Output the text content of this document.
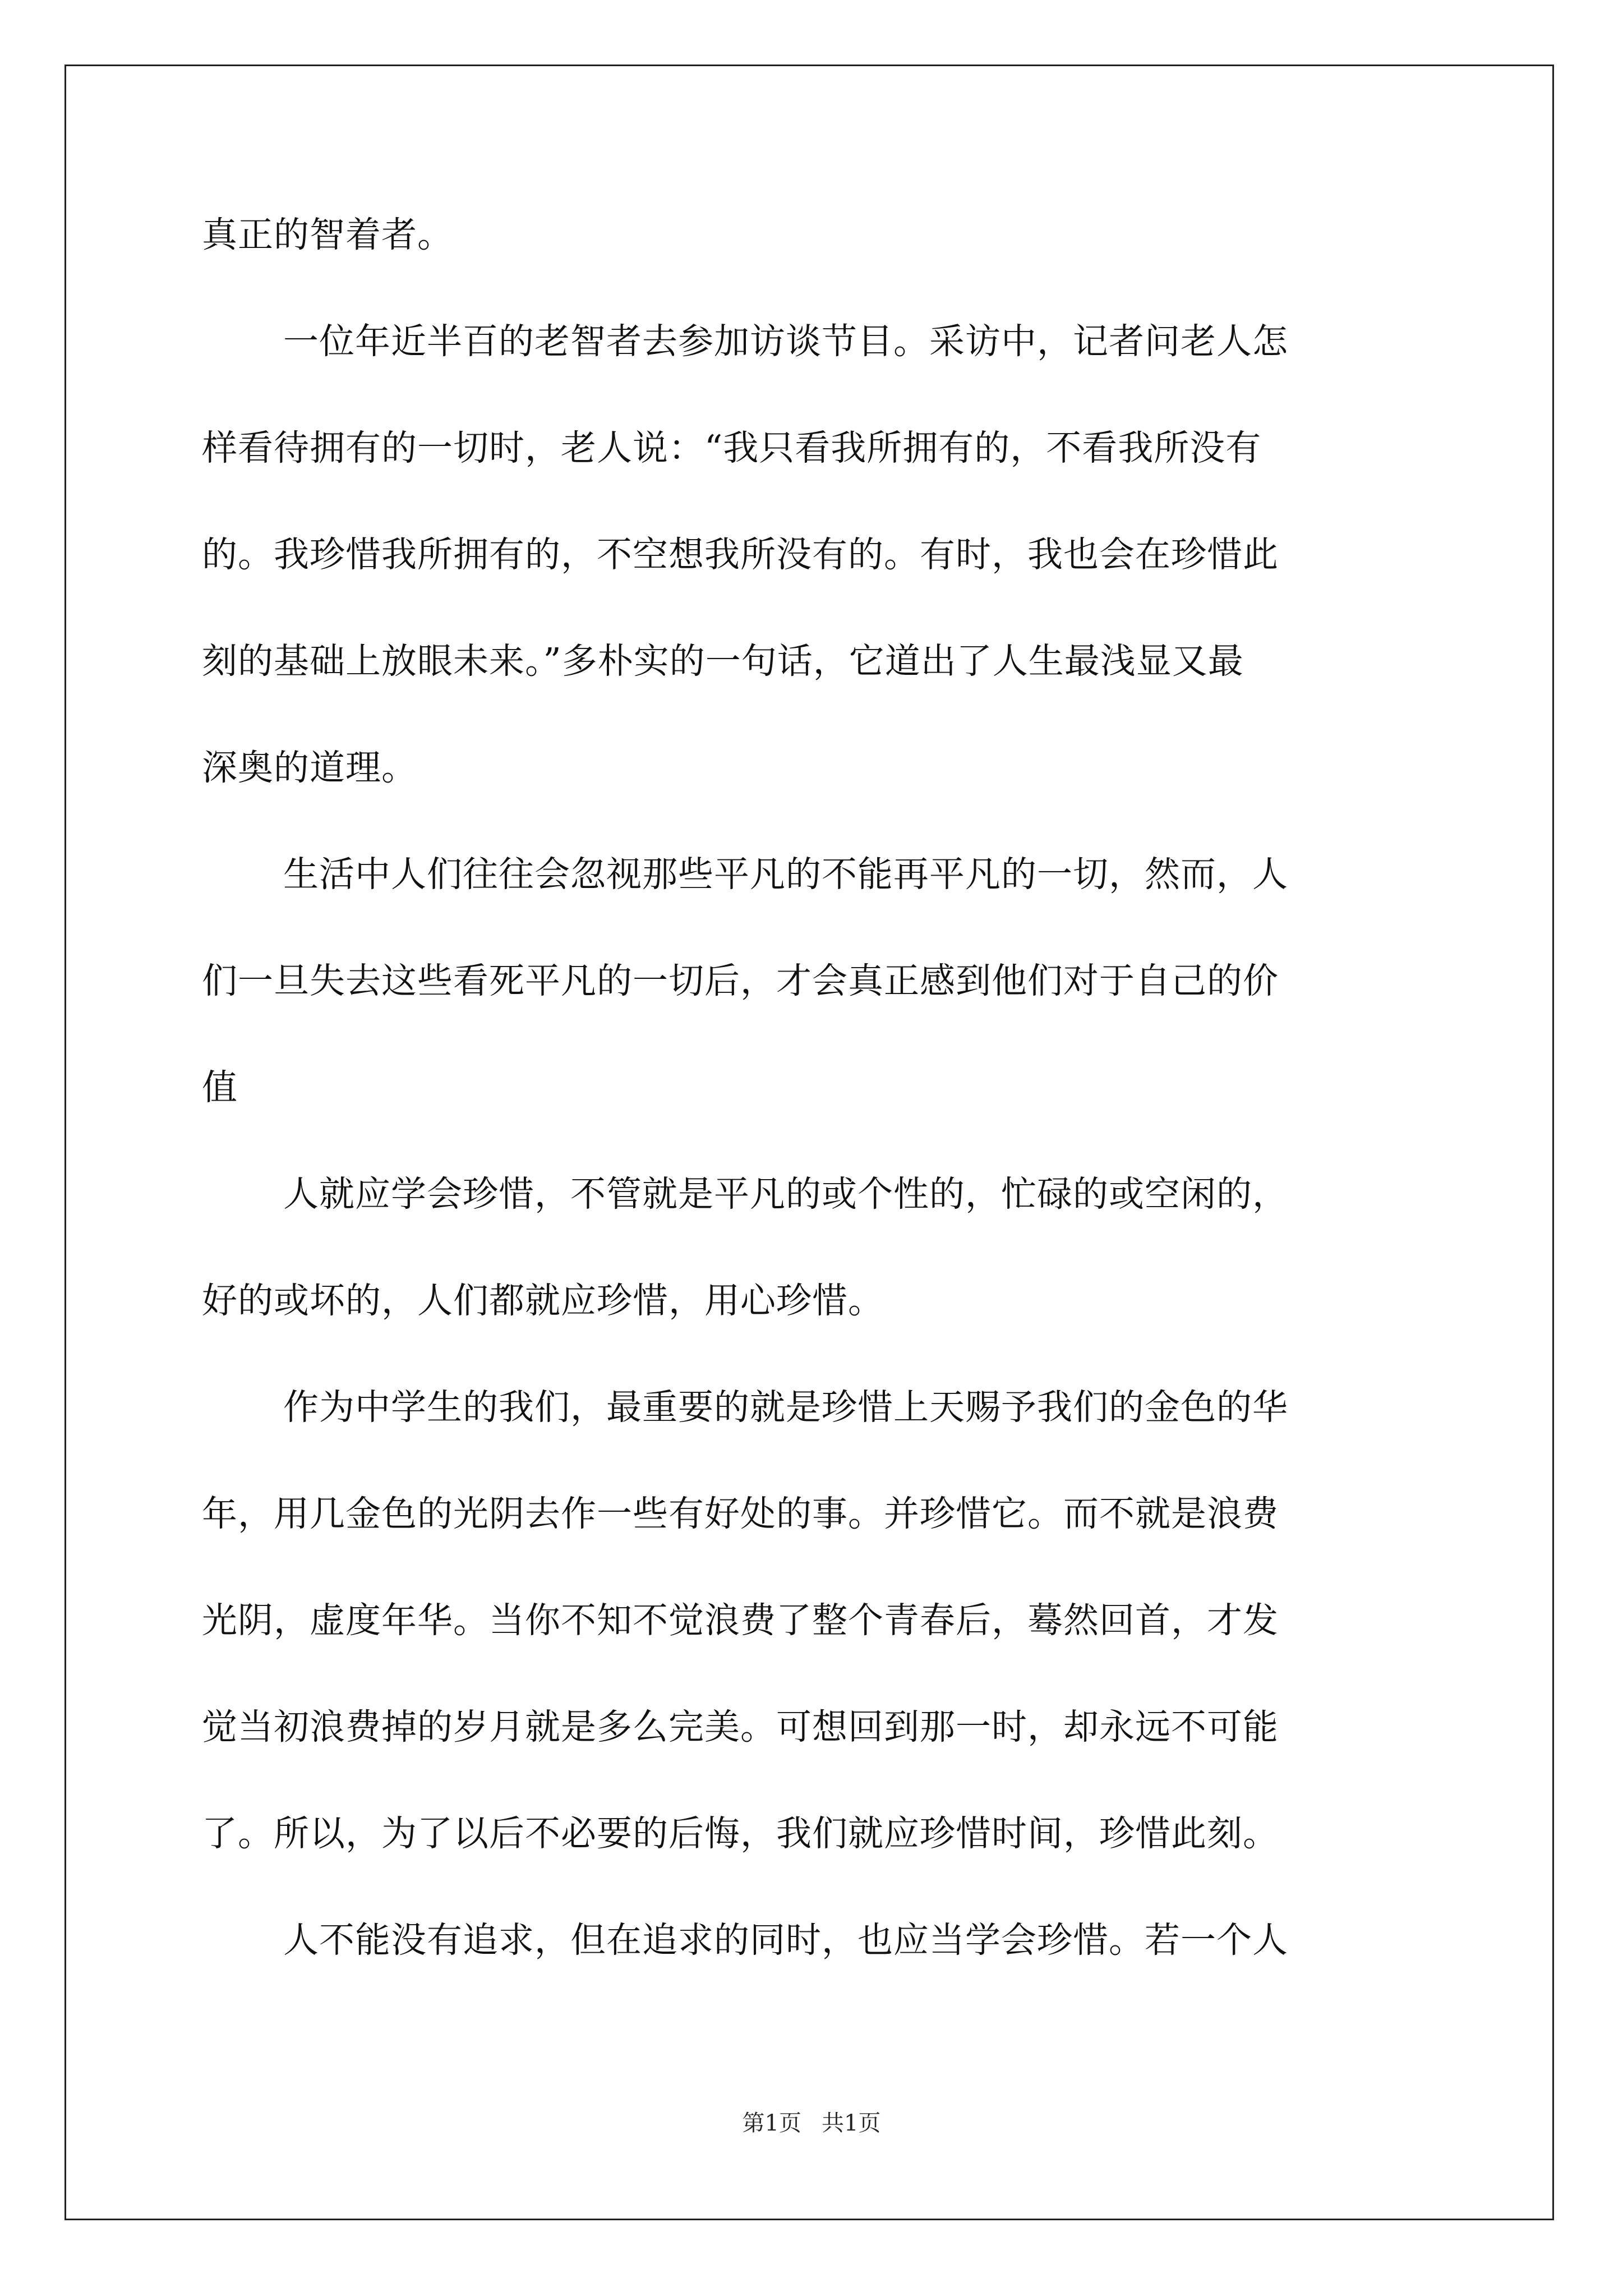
真正的智着者。
一位年近半百的老智者去参加访谈节目。采访中，记者问老人怎
样看待拥有的一切时，老人说：“我只看我所拥有的，不看我所没有
的。我珍惜我所拥有的，不空想我所没有的。有时，我也会在珍惜此
刻的基础上放眼未来。”多朴实的一句话，它道出了人生最浅显又最
深奥的道理。
生活中人们往往会忽视那些平凡的不能再平凡的一切，然而，人
们一旦失去这些看死平凡的一切后，才会真正感到他们对于自己的价
值
人就应学会珍惜，不管就是平凡的或个性的，忙碌的或空闲的，
好的或坏的，人们都就应珍惜，用心珍惜。
作为中学生的我们，最重要的就是珍惜上天赐予我们的金色的华
年，用几金色的光阴去作一些有好处的事。并珍惜它。而不就是浪费
光阴，虚度年华。当你不知不觉浪费了整个青春后，蓦然回首，才发
觉当初浪费掉的岁月就是多么完美。可想回到那一时，却永远不可能
了。所以，为了以后不必要的后悔，我们就应珍惜时间，珍惜此刻。
人不能没有追求，但在追求的同时，也应当学会珍惜。若一个人
第1页 共1页
